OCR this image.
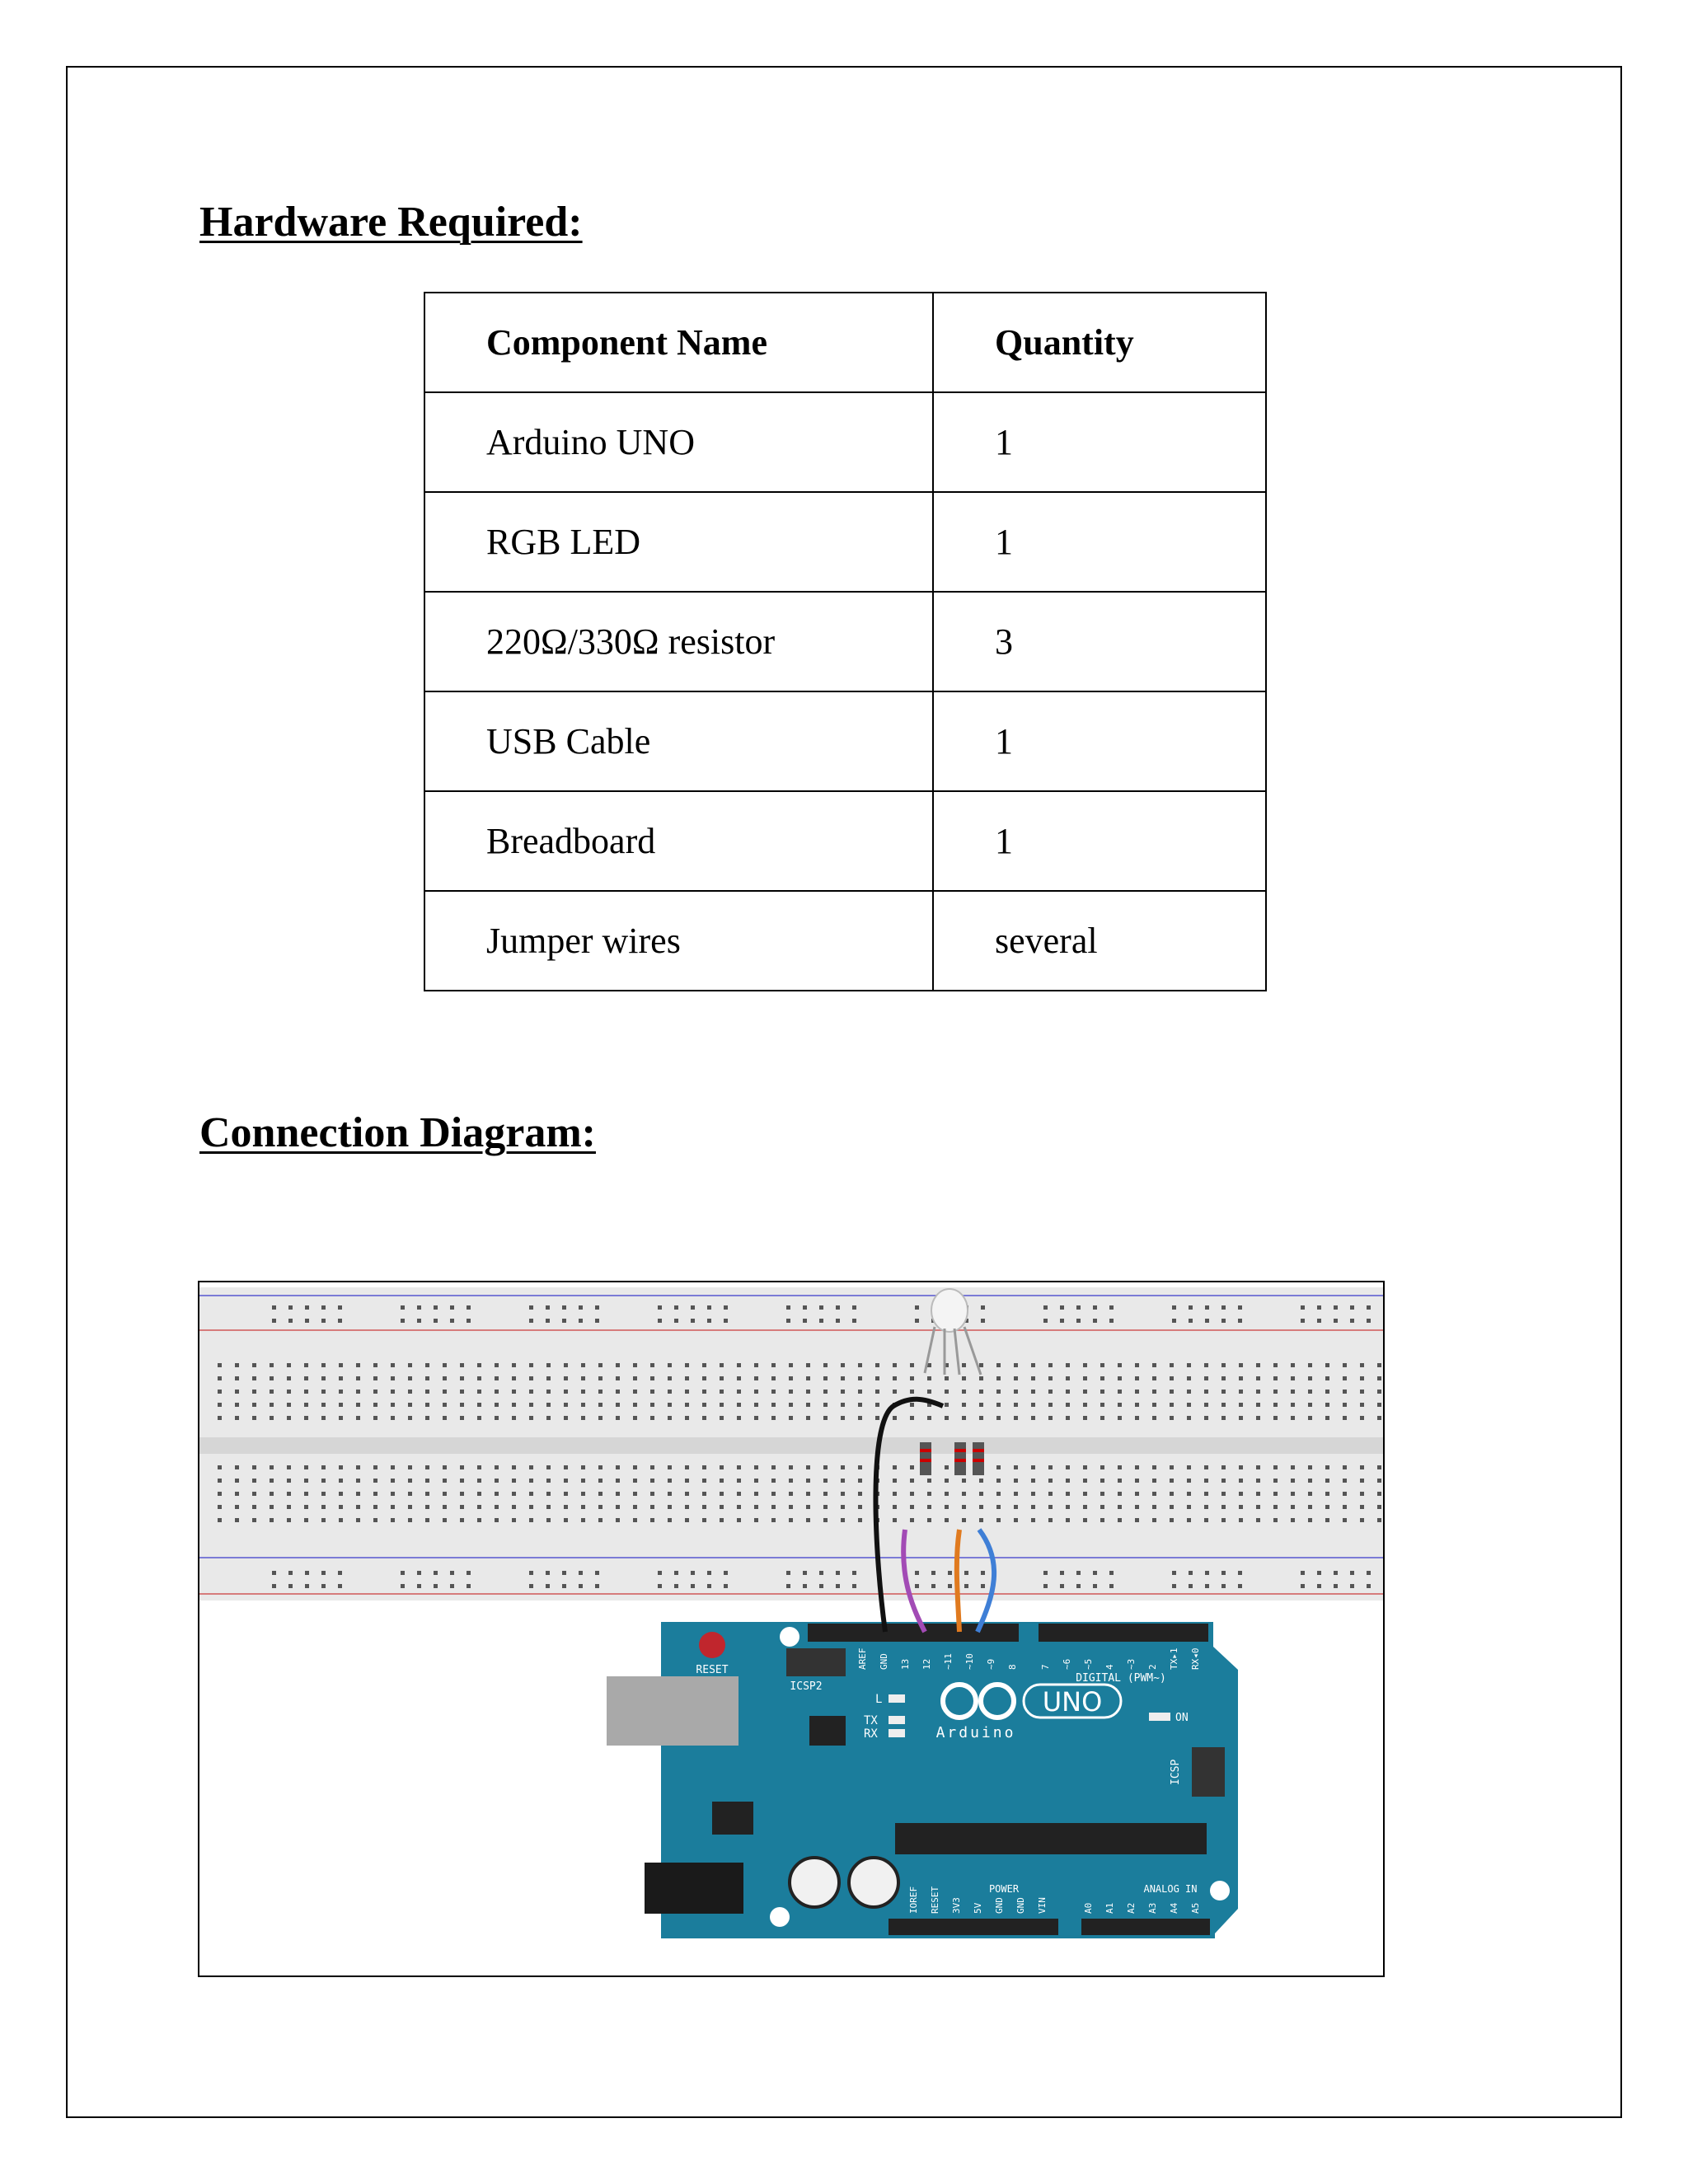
Hardware Required:
Component Name	Quantity
Arduino UNO	1
RGB LED	1
220Ω/330Ω resistor	3
USB Cable	1
Breadboard	1
Jumper wires	several
Connection Diagram:
RESET
ICSP2
AREF GND 13 12 ~11 ~10 ~9 8 7 ~6 ~5 4 ~3 2 TX▸1 RX◂0
DIGITAL (PWM~)
L
TX
RX
UNO
Arduino
ON
ICSP
POWER	ANALOG IN
IOREF RESET 3V3 5V GND GND VIN	A0 A1 A2 A3 A4 A5
